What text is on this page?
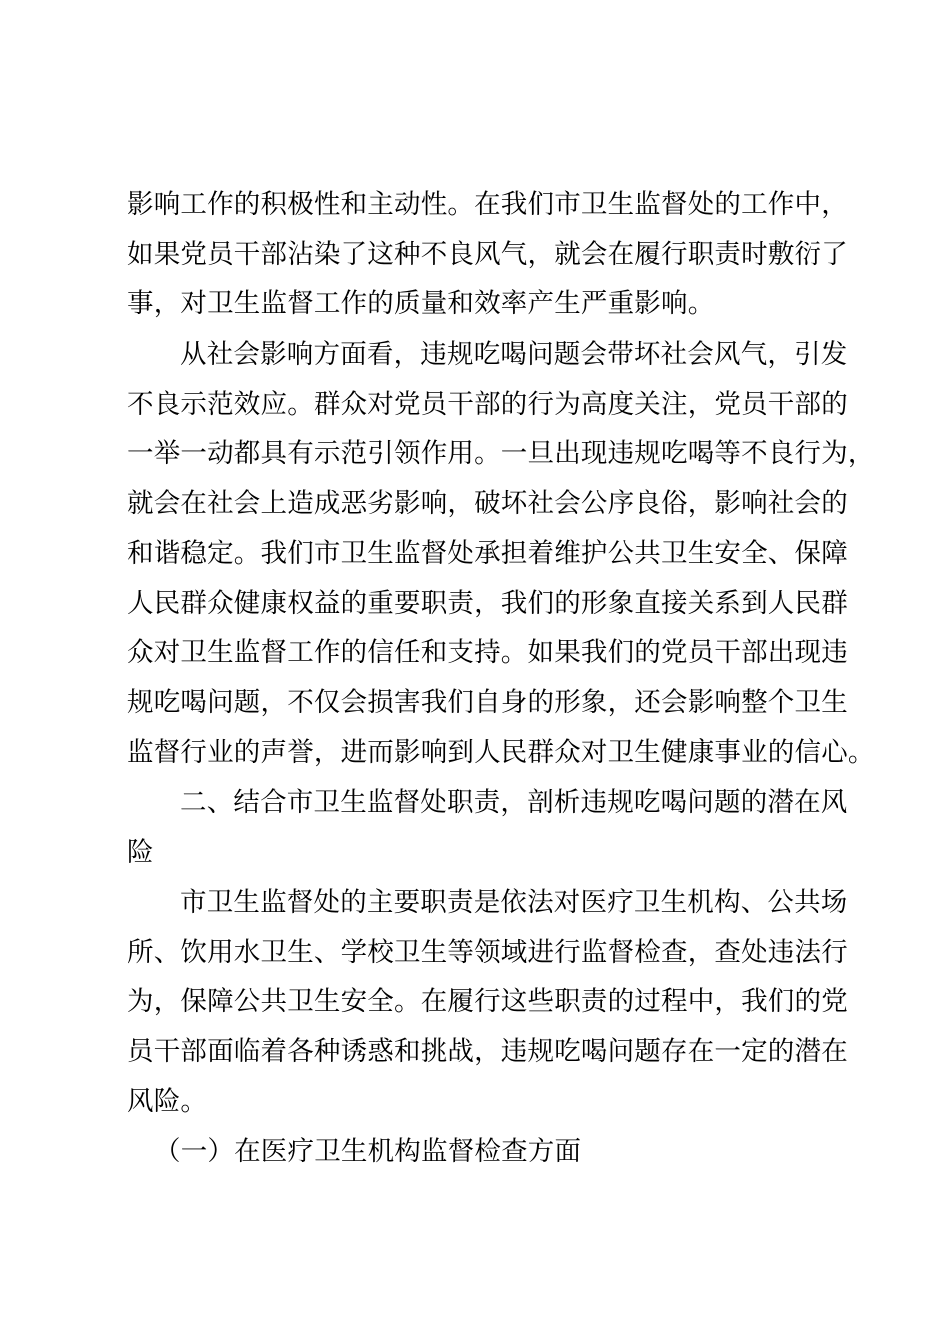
影响工作的积极性和主动性。在我们市卫生监督处的工作中，
如果党员干部沾染了这种不良风气，就会在履行职责时敷衍了
事，对卫生监督工作的质量和效率产生严重影响。
从社会影响方面看，违规吃喝问题会带坏社会风气，引发
不良示范效应。群众对党员干部的行为高度关注，党员干部的
一举一动都具有示范引领作用。一旦出现违规吃喝等不良行为，
就会在社会上造成恶劣影响，破坏社会公序良俗，影响社会的
和谐稳定。我们市卫生监督处承担着维护公共卫生安全、保障
人民群众健康权益的重要职责，我们的形象直接关系到人民群
众对卫生监督工作的信任和支持。如果我们的党员干部出现违
规吃喝问题，不仅会损害我们自身的形象，还会影响整个卫生
监督行业的声誉，进而影响到人民群众对卫生健康事业的信心。
二、结合市卫生监督处职责，剖析违规吃喝问题的潜在风
险
市卫生监督处的主要职责是依法对医疗卫生机构、公共场
所、饮用水卫生、学校卫生等领域进行监督检查，查处违法行
为，保障公共卫生安全。在履行这些职责的过程中，我们的党
员干部面临着各种诱惑和挑战，违规吃喝问题存在一定的潜在
风险。
（一）在医疗卫生机构监督检查方面
